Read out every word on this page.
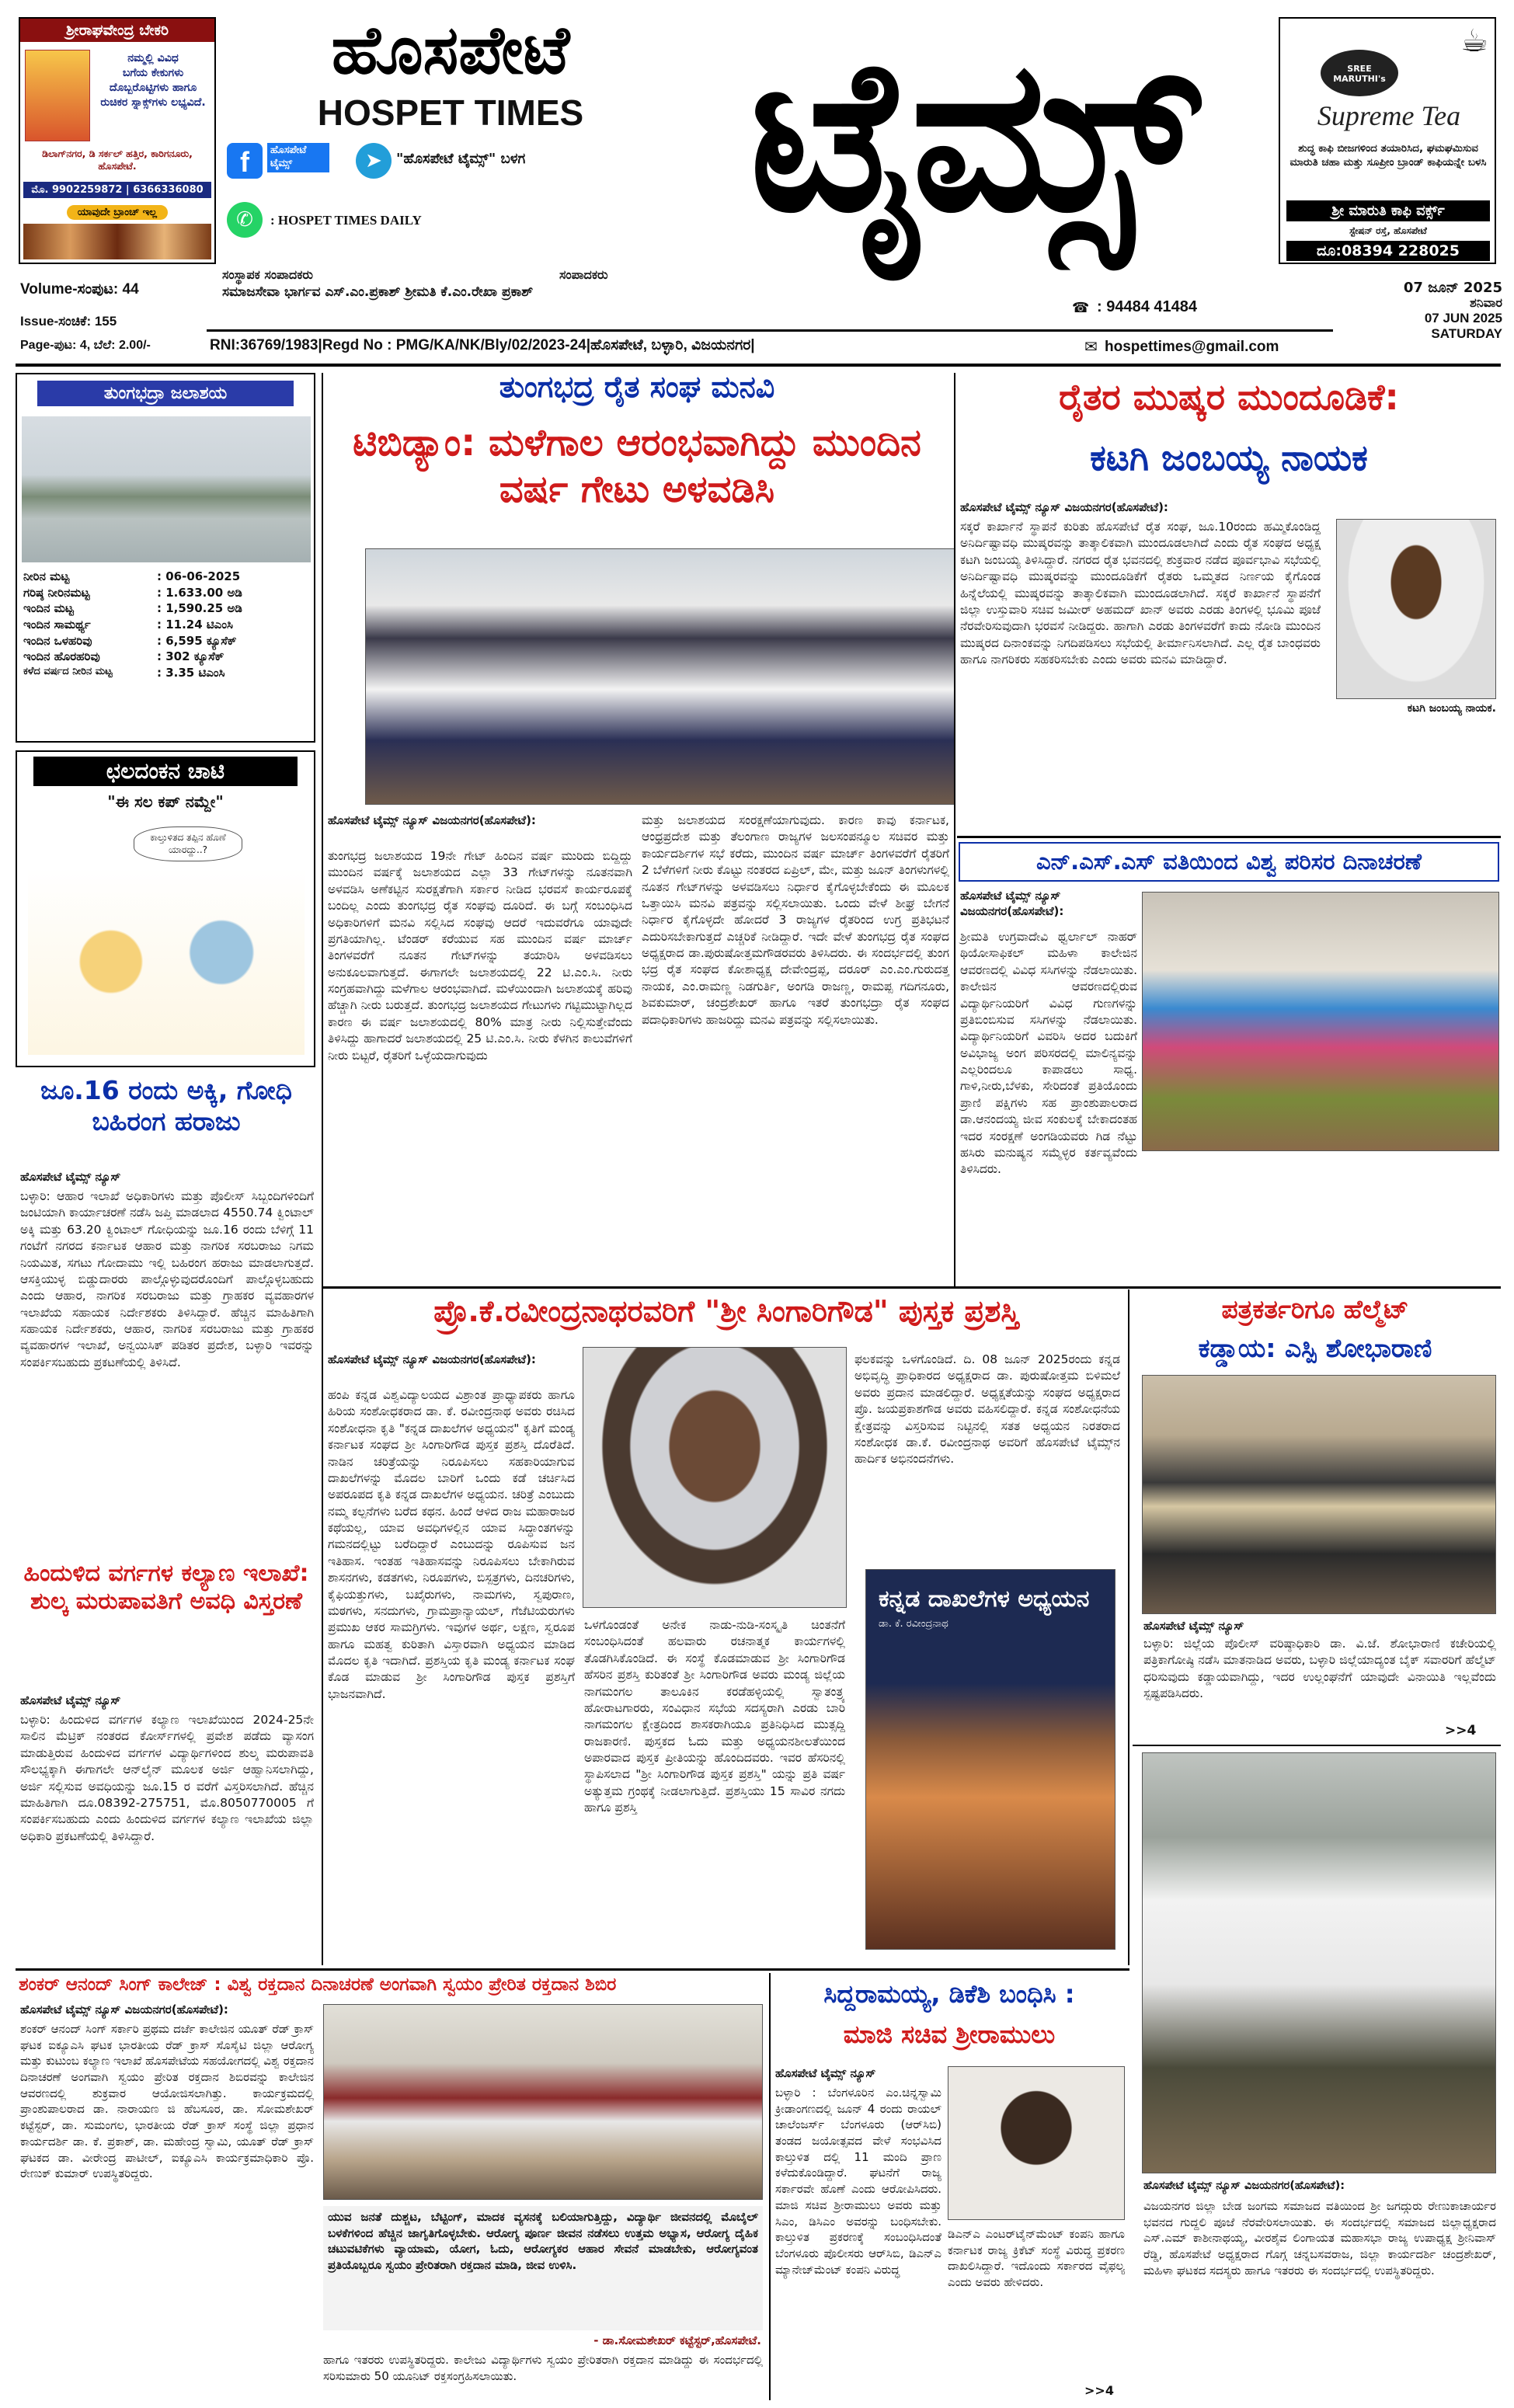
ಶ್ರೀರಾಘವೇಂದ್ರ ಬೇಕರಿ
ನಮ್ಮಲ್ಲಿ ವಿವಿಧ
ಬಗೆಯ ಕೇಕುಗಳು
ದೊಬ್ಬರೊಟ್ಟಿಗಳು ಹಾಗೂ
ರುಚಿಕರ ಸ್ನಾಕ್ಸ್‌ಗಳು ಲಭ್ಯವಿದೆ.
ಡಿಲಾಗ್‌ನಗರ, ಡಿ ಸರ್ಕಲ್ ಹತ್ತಿರ, ಕಾರಿಗನೂರು, ಹೊಸಪೇಟೆ.
ಮೊ. 9902259872 | 6366336080
ಯಾವುದೇ ಬ್ರಾಂಚ್ ಇಲ್ಲ
ಹೊಸಪೇಟೆ
HOSPET TIMES
f	ಹೊಸಪೇಟೆ ಟೈಮ್ಸ್	➤	"ಹೊಸಪೇಟೆ ಟೈಮ್ಸ್" ಬಳಗ
✆	: HOSPET TIMES DAILY	ಟೈಮ್ಸ್	☕
SREE MARUTHI's
Supreme Tea
ಶುದ್ಧ ಕಾಫಿ ಬೀಜಗಳಿಂದ ತಯಾರಿಸಿದ, ಘಮಘಮಿಸುವ ಮಾರುತಿ ಚಹಾ ಮತ್ತು ಸೂಪ್ರೀಂ ಬ್ರಾಂಡ್ ಕಾಫಿಯನ್ನೇ ಬಳಸಿ
ಶ್ರೀ ಮಾರುತಿ ಕಾಫಿ ವರ್ಕ್ಸ್
ಸ್ಟೇಷನ್ ರಸ್ತೆ, ಹೊಸಪೇಟೆ
ದೂ:08394 228025
ಸಂಸ್ಥಾಪಕ ಸಂಪಾದಕರು	ಸಂಪಾದಕರು
ಸಮಾಜಸೇವಾ ಭಾರ್ಗವ ಎಸ್.ಎಂ.ಪ್ರಕಾಶ್ ಶ್ರೀಮತಿ ಕೆ.ಎಂ.ರೇಖಾ ಪ್ರಕಾಶ್
Volume-ಸಂಪುಟ: 44
Issue-ಸಂಚಿಕೆ: 155
Page-ಪುಟ: 4, ಬೆಲೆ: 2.00/-
☎ : 94484 41484
07 ಜೂನ್ 2025
ಶನಿವಾರ
07 JUN 2025
SATURDAY
RNI:36769/1983|Regd No : PMG/KA/NK/Bly/02/2023-24|ಹೊಸಪೇಟೆ, ಬಳ್ಳಾರಿ, ವಿಜಯನಗರ|	✉ hospettimes@gmail.com
ತುಂಗಭದ್ರಾ ಜಲಾಶಯ
ನೀರಿನ ಮಟ್ಟ	: 06-06-2025
ಗರಿಷ್ಠ ನೀರಿನಮಟ್ಟ	: 1.633.00 ಅಡಿ
ಇಂದಿನ ಮಟ್ಟ	: 1,590.25 ಅಡಿ
ಇಂದಿನ ಸಾಮರ್ಥ್ಯ	: 11.24 ಟಿಎಂಸಿ
ಇಂದಿನ ಒಳಹರಿವು	: 6,595 ಕ್ಯೂಸೆಕ್
ಇಂದಿನ ಹೊರಹರಿವು	: 302 ಕ್ಯೂಸೆಕ್
ಕಳೆದ ವರ್ಷದ ನೀರಿನ ಮಟ್ಟ	: 3.35 ಟಿಎಂಸಿ
ಛಲದಂಕನ ಚಾಟಿ
"ಈ ಸಲ ಕಪ್ ನಮ್ದೇ"
ಕಾಲ್ತುಳಿತದ ತಪ್ಪಿನ ಹೊಣೆ ಯಾರದ್ದು..?
ಜೂ.16 ರಂದು ಅಕ್ಕಿ, ಗೋಧಿ ಬಹಿರಂಗ ಹರಾಜು
ಹೊಸಪೇಟೆ ಟೈಮ್ಸ್ ನ್ಯೂಸ್
ಬಳ್ಳಾರಿ: ಆಹಾರ ಇಲಾಖೆ ಅಧಿಕಾರಿಗಳು ಮತ್ತು ಪೊಲೀಸ್ ಸಿಬ್ಬಂದಿಗಳಿಂದಿಗೆ ಜಂಟಿಯಾಗಿ ಕಾರ್ಯಾಚರಣೆ ನಡೆಸಿ ಜಪ್ತಿ ಮಾಡಲಾದ 4550.74 ಕ್ವಿಂಟಾಲ್ ಅಕ್ಕಿ ಮತ್ತು 63.20 ಕ್ವಿಂಟಾಲ್ ಗೋಧಿಯನ್ನು ಜೂ.16 ರಂದು ಬೆಳಿಗ್ಗೆ 11 ಗಂಟೆಗೆ ನಗರದ ಕರ್ನಾಟಕ ಆಹಾರ ಮತ್ತು ನಾಗರಿಕ ಸರಬರಾಜು ನಿಗಮ ನಿಯಮಿತ, ಸಗಟು ಗೋದಾಮು ಇಲ್ಲಿ ಬಹಿರಂಗ ಹರಾಜು ಮಾಡಲಾಗುತ್ತದೆ. ಆಸಕ್ತಿಯುಳ್ಳ ಬಿಡ್ಡುದಾರರು ಪಾಲ್ಗೊಳ್ಳುವುದರೊಂದಿಗೆ ಪಾಲ್ಗೊಳ್ಳಬಹುದು ಎಂದು ಆಹಾರ, ನಾಗರಿಕ ಸರಬರಾಜು ಮತ್ತು ಗ್ರಾಹಕರ ವ್ಯವಹಾರಗಳ ಇಲಾಖೆಯ ಸಹಾಯಕ ನಿರ್ದೇಶಕರು ತಿಳಿಸಿದ್ದಾರೆ. ಹೆಚ್ಚಿನ ಮಾಹಿತಿಗಾಗಿ ಸಹಾಯಕ ನಿರ್ದೇಶಕರು, ಆಹಾರ, ನಾಗರಿಕ ಸರಬರಾಜು ಮತ್ತು ಗ್ರಾಹಕರ ವ್ಯವಹಾರಗಳ ಇಲಾಖೆ, ಅನ್ವಯಿಸಿಕ್ ಪಡಿತರ ಪ್ರದೇಶ, ಬಳ್ಳಾರಿ ಇವರನ್ನು ಸಂಪರ್ಕಿಸಬಹುದು ಪ್ರಕಟಣೆಯಲ್ಲಿ ತಿಳಿಸಿದೆ.
ಹಿಂದುಳಿದ ವರ್ಗಗಳ ಕಲ್ಯಾಣ ಇಲಾಖೆ: ಶುಲ್ಕ ಮರುಪಾವತಿಗೆ ಅವಧಿ ವಿಸ್ತರಣೆ
ಹೊಸಪೇಟೆ ಟೈಮ್ಸ್ ನ್ಯೂಸ್
ಬಳ್ಳಾರಿ: ಹಿಂದುಳಿದ ವರ್ಗಗಳ ಕಲ್ಯಾಣ ಇಲಾಖೆಯಿಂದ 2024-25ನೇ ಸಾಲಿನ ಮೆಟ್ರಿಕ್ ನಂತರದ ಕೋರ್ಸ್‌ಗಳಲ್ಲಿ ಪ್ರವೇಶ ಪಡೆದು ವ್ಯಾಸಂಗ ಮಾಡುತ್ತಿರುವ ಹಿಂದುಳಿದ ವರ್ಗಗಳ ವಿದ್ಯಾರ್ಥಿಗಳಿಂದ ಶುಲ್ಕ ಮರುಪಾವತಿ ಸೌಲಭ್ಯಕ್ಕಾಗಿ ಈಗಾಗಲೇ ಆನ್‌ಲೈನ್ ಮೂಲಕ ಅರ್ಜಿ ಆಹ್ವಾನಿಸಲಾಗಿದ್ದು, ಅರ್ಜಿ ಸಲ್ಲಿಸುವ ಅವಧಿಯನ್ನು ಜೂ.15 ರ ವರೆಗೆ ವಿಸ್ತರಿಸಲಾಗಿದೆ. ಹೆಚ್ಚಿನ ಮಾಹಿತಿಗಾಗಿ ದೂ.08392-275751, ಮೊ.8050770005 ಗೆ ಸಂಪರ್ಕಿಸಬಹುದು ಎಂದು ಹಿಂದುಳಿದ ವರ್ಗಗಳ ಕಲ್ಯಾಣ ಇಲಾಖೆಯ ಜಿಲ್ಲಾ ಅಧಿಕಾರಿ ಪ್ರಕಟಣೆಯಲ್ಲಿ ತಿಳಿಸಿದ್ದಾರೆ.
ತುಂಗಭದ್ರ ರೈತ ಸಂಘ ಮನವಿ
ಟಿಬಿಡ್ಯಾಂ: ಮಳೆಗಾಲ ಆರಂಭವಾಗಿದ್ದು ಮುಂದಿನ ವರ್ಷ ಗೇಟು ಅಳವಡಿಸಿ
ಹೊಸಪೇಟೆ ಟೈಮ್ಸ್ ನ್ಯೂಸ್ ವಿಜಯನಗರ(ಹೊಸಪೇಟೆ):
ತುಂಗಭದ್ರ ಜಲಾಶಯದ 19ನೇ ಗೇಟ್ ಹಿಂದಿನ ವರ್ಷ ಮುರಿದು ಬಿದ್ದಿದ್ದು ಮುಂದಿನ ವರ್ಷಕ್ಕೆ ಜಲಾಶಯದ ಎಲ್ಲಾ 33 ಗೇಟ್‌ಗಳನ್ನು ನೂತನವಾಗಿ ಅಳವಡಿಸಿ ಅಣೆಕಟ್ಟಿನ ಸುರಕ್ಷತೆಗಾಗಿ ಸರ್ಕಾರ ನೀಡಿದ ಭರವಸೆ ಕಾರ್ಯರೂಪಕ್ಕೆ ಬಂದಿಲ್ಲ ಎಂದು ತುಂಗಭದ್ರ ರೈತ ಸಂಘವು ದೂರಿದೆ. ಈ ಬಗ್ಗೆ ಸಂಬಂಧಿಸಿದ ಅಧಿಕಾರಿಗಳಿಗೆ ಮನವಿ ಸಲ್ಲಿಸಿದ ಸಂಘವು ಆದರೆ ಇದುವರೆಗೂ ಯಾವುದೇ ಪ್ರಗತಿಯಾಗಿಲ್ಲ. ಟೆಂಡರ್ ಕರೆಯುವ ಸಹ ಮುಂದಿನ ವರ್ಷ ಮಾರ್ಚ್ ತಿಂಗಳವರೆಗೆ ನೂತನ ಗೇಟ್‌ಗಳನ್ನು ತಯಾರಿಸಿ ಅಳವಡಿಸಲು ಅನುಕೂಲವಾಗುತ್ತದೆ. ಈಗಾಗಲೇ ಜಲಾಶಯದಲ್ಲಿ 22 ಟಿ.ಎಂ.ಸಿ. ನೀರು ಸಂಗ್ರಹವಾಗಿದ್ದು ಮಳೆಗಾಲ ಆರಂಭವಾಗಿದೆ. ಮಳೆಯಿಂದಾಗಿ ಜಲಾಶಯಕ್ಕೆ ಹರಿವು ಹೆಚ್ಚಾಗಿ ನೀರು ಬರುತ್ತದೆ. ತುಂಗಭದ್ರ ಜಲಾಶಯದ ಗೇಟುಗಳು ಗಟ್ಟಿಮುಟ್ಟಾಗಿಲ್ಲದ ಕಾರಣ ಈ ವರ್ಷ ಜಲಾಶಯದಲ್ಲಿ 80% ಮಾತ್ರ ನೀರು ನಿಲ್ಲಿಸುತ್ತೇವೆಂದು ತಿಳಿಸಿದ್ದು ಹಾಗಾದರೆ ಜಲಾಶಯದಲ್ಲಿ 25 ಟಿ.ಎಂ.ಸಿ. ನೀರು ಕೆಳಗಿನ ಕಾಲುವೆಗಳಿಗೆ ನೀರು ಬಿಟ್ಟರೆ, ರೈತರಿಗೆ ಒಳ್ಳೆಯದಾಗುವುದು
ಮತ್ತು ಜಲಾಶಯದ ಸಂರಕ್ಷಣೆಯಾಗುವುದು. ಕಾರಣ ಕಾವು ಕರ್ನಾಟಕ, ಆಂಧ್ರಪ್ರದೇಶ ಮತ್ತು ತೆಲಂಗಾಣ ರಾಜ್ಯಗಳ ಜಲಸಂಪನ್ಮೂಲ ಸಚಿವರ ಮತ್ತು ಕಾರ್ಯದರ್ಶಿಗಳ ಸಭೆ ಕರೆದು, ಮುಂದಿನ ವರ್ಷ ಮಾರ್ಚ್ ತಿಂಗಳವರೆಗೆ ರೈತರಿಗೆ 2 ಬೆಳೆಗಳಿಗೆ ನೀರು ಕೊಟ್ಟು ನಂತರದ ಏಪ್ರಿಲ್, ಮೇ, ಮತ್ತು ಜೂನ್ ತಿಂಗಳುಗಳಲ್ಲಿ ನೂತನ ಗೇಟ್‌ಗಳನ್ನು ಅಳವಡಿಸಲು ನಿರ್ಧಾರ ಕೈಗೊಳ್ಳಬೇಕೆಂದು ಈ ಮೂಲಕ ಒತ್ತಾಯಿಸಿ ಮನವಿ ಪತ್ರವನ್ನು ಸಲ್ಲಿಸಲಾಯಿತು. ಒಂದು ವೇಳೆ ಶೀಘ್ರ ಬೇಗನೆ ನಿರ್ಧಾರ ಕೈಗೊಳ್ಳದೇ ಹೋದರೆ 3 ರಾಜ್ಯಗಳ ರೈತರಿಂದ ಉಗ್ರ ಪ್ರತಿಭಟನೆ ಎದುರಿಸಬೇಕಾಗುತ್ತದೆ ಎಚ್ಚರಿಕೆ ನೀಡಿದ್ದಾರೆ. ಇದೇ ವೇಳೆ ತುಂಗಭದ್ರ ರೈತ ಸಂಘದ ಅಧ್ಯಕ್ಷರಾದ ಡಾ.ಪುರುಷೋತ್ತಮಗೌಡರವರು ತಿಳಿಸಿದರು. ಈ ಸಂದರ್ಭದಲ್ಲಿ ತುಂಗ ಭದ್ರ ರೈತ ಸಂಘದ ಕೋಶಾಧ್ಯಕ್ಷ ದೇವೇಂದ್ರಪ್ಪ, ದರೂರ್ ಎಂ.ಎಂ.ಗುರುದತ್ತ ನಾಯಕ, ಎಂ.ರಾಮಣ್ಣ ನಿಡಗುರ್ತಿ, ಅಂಗಡಿ ರಾಜಣ್ಣ, ರಾಮಪ್ಪ ಗದಿಗನೂರು, ಶಿವಕುಮಾರ್, ಚಂದ್ರಶೇಖರ್ ಹಾಗೂ ಇತರೆ ತುಂಗಭದ್ರಾ ರೈತ ಸಂಘದ ಪದಾಧಿಕಾರಿಗಳು ಹಾಜರಿದ್ದು ಮನವಿ ಪತ್ರವನ್ನು ಸಲ್ಲಿಸಲಾಯಿತು.
ರೈತರ ಮುಷ್ಕರ ಮುಂದೂಡಿಕೆ:
ಕಟಗಿ ಜಂಬಯ್ಯ ನಾಯಕ
ಹೊಸಪೇಟೆ ಟೈಮ್ಸ್ ನ್ಯೂಸ್ ವಿಜಯನಗರ(ಹೊಸಪೇಟೆ):
ಸಕ್ಕರೆ ಕಾರ್ಖಾನೆ ಸ್ಥಾಪನೆ ಕುರಿತು ಹೊಸಪೇಟೆ ರೈತ ಸಂಘ, ಜೂ.10ರಂದು ಹಮ್ಮಿಕೊಂಡಿದ್ದ ಅನಿರ್ದಿಷ್ಟಾವಧಿ ಮುಷ್ಕರವನ್ನು ತಾತ್ಕಾಲಿಕವಾಗಿ ಮುಂದೂಡಲಾಗಿದೆ ಎಂದು ರೈತ ಸಂಘದ ಅಧ್ಯಕ್ಷ ಕಟಗಿ ಜಂಬಯ್ಯ ತಿಳಿಸಿದ್ದಾರೆ. ನಗರದ ರೈತ ಭವನದಲ್ಲಿ ಶುಕ್ರವಾರ ನಡೆದ ಪೂರ್ವಭಾವಿ ಸಭೆಯಲ್ಲಿ ಅನಿರ್ದಿಷ್ಟಾವಧಿ ಮುಷ್ಕರವನ್ನು ಮುಂದೂಡಿಕೆಗೆ ರೈತರು ಒಮ್ಮತದ ನಿರ್ಣಯ ಕೈಗೊಂಡ ಹಿನ್ನೆಲೆಯಲ್ಲಿ ಮುಷ್ಕರವನ್ನು ತಾತ್ಕಾಲಿಕವಾಗಿ ಮುಂದೂಡಲಾಗಿದೆ. ಸಕ್ಕರೆ ಕಾರ್ಖಾನೆ ಸ್ಥಾಪನೆಗೆ ಜಿಲ್ಲಾ ಉಸ್ತುವಾರಿ ಸಚಿವ ಜಮೀರ್ ಅಹಮದ್ ಖಾನ್ ಅವರು ಎರಡು ತಿಂಗಳಲ್ಲಿ ಭೂಮಿ ಪೂಜೆ ನೆರವೇರಿಸುವುದಾಗಿ ಭರವಸೆ ನೀಡಿದ್ದರು. ಹಾಗಾಗಿ ಎರಡು ತಿಂಗಳವರೆಗೆ ಕಾದು ನೋಡಿ ಮುಂದಿನ ಮುಷ್ಕರದ ದಿನಾಂಕವನ್ನು ನಿಗದಿಪಡಿಸಲು ಸಭೆಯಲ್ಲಿ ತೀರ್ಮಾನಿಸಲಾಗಿದೆ. ಎಲ್ಲ ರೈತ ಬಾಂಧವರು ಹಾಗೂ ನಾಗರಿಕರು ಸಹಕರಿಸಬೇಕು ಎಂದು ಅವರು ಮನವಿ ಮಾಡಿದ್ದಾರೆ.
ಕಟಗಿ ಜಂಬಯ್ಯ ನಾಯಕ.
ಎನ್.ಎಸ್.ಎಸ್ ವತಿಯಿಂದ ವಿಶ್ವ ಪರಿಸರ ದಿನಾಚರಣೆ
ಹೊಸಪೇಟೆ ಟೈಮ್ಸ್ ನ್ಯೂಸ್ ವಿಜಯನಗರ(ಹೊಸಪೇಟೆ):
ಶ್ರೀಮತಿ ಉಗ್ರವಾದೇವಿ ಥ್ವರ್ಲಾಲ್ ನಾಹರ್ ಥಿಯೋಸಾಫಿಕಲ್ ಮಹಿಳಾ ಕಾಲೇಜಿನ ಆವರಣದಲ್ಲಿ ವಿವಿಧ ಸಸಿಗಳನ್ನು ನೆಡಲಾಯಿತು. ಕಾಲೇಜಿನ ಆವರಣದಲ್ಲಿರುವ ವಿದ್ಯಾರ್ಥಿನಿಯರಿಗೆ ವಿವಿಧ ಗುಣಗಳನ್ನು ಪ್ರತಿಬಿಂಬಿಸುವ ಸಸಿಗಳನ್ನು ನೆಡಲಾಯಿತು. ವಿದ್ಯಾರ್ಥಿನಿಯರಿಗೆ ವಿವರಿಸಿ ಅದರ ಬದುಕಿಗೆ ಅವಿಭಾಜ್ಯ ಅಂಗ ಪರಿಸರದಲ್ಲಿ ಮಾಲಿನ್ಯವನ್ನು ಎಲ್ಲರಿಂದಲೂ ಕಾಪಾಡಲು ಸಾಧ್ಯ. ಗಾಳಿ,ನೀರು,ಬೆಳಕು, ಸೇರಿದಂತೆ ಪ್ರತಿಯೊಂದು ಪ್ರಾಣಿ ಪಕ್ಷಿಗಳು ಸಹ ಪ್ರಾಂಶುಪಾಲರಾದ ಡಾ.ಆನಂದಯ್ಯ ಜೀವ ಸಂಕುಲಕ್ಕೆ ಬೇಕಾದಂತಹ ಇದರ ಸಂರಕ್ಷಣೆ ಅಂಗಡಿಯವರು ಗಿಡ ನೆಟ್ಟು ಹಸಿರು ಮನುಷ್ಯನ ಸಮ್ಮೆಳ್ಳರ ಕರ್ತವ್ಯವೆಂದು ತಿಳಿಸಿದರು.
ಪ್ರೊ.ಕೆ.ರವೀಂದ್ರನಾಥರವರಿಗೆ "ಶ್ರೀ ಸಿಂಗಾರಿಗೌಡ" ಪುಸ್ತಕ ಪ್ರಶಸ್ತಿ
ಹೊಸಪೇಟೆ ಟೈಮ್ಸ್ ನ್ಯೂಸ್ ವಿಜಯನಗರ(ಹೊಸಪೇಟೆ):
ಹಂಪಿ ಕನ್ನಡ ವಿಶ್ವವಿದ್ಯಾಲಯದ ವಿಶ್ರಾಂತ ಪ್ರಾಧ್ಯಾಪಕರು ಹಾಗೂ ಹಿರಿಯ ಸಂಶೋಧಕರಾದ ಡಾ. ಕೆ. ರವೀಂದ್ರನಾಥ ಅವರು ರಚಿಸಿದ ಸಂಶೋಧನಾ ಕೃತಿ "ಕನ್ನಡ ದಾಖಲೆಗಳ ಅಧ್ಯಯನ" ಕೃತಿಗೆ ಮಂಡ್ಯ ಕರ್ನಾಟಕ ಸಂಘದ ಶ್ರೀ ಸಿಂಗಾರಿಗೌಡ ಪುಸ್ತಕ ಪ್ರಶಸ್ತಿ ದೊರೆತಿದೆ. ನಾಡಿನ ಚರಿತ್ರೆಯನ್ನು ನಿರೂಪಿಸಲು ಸಹಕಾರಿಯಾಗುವ ದಾಖಲೆಗಳನ್ನು ಮೊದಲ ಬಾರಿಗೆ ಒಂದು ಕಡೆ ಚರ್ಚಿಸಿದ ಅಪರೂಪದ ಕೃತಿ ಕನ್ನಡ ದಾಖಲೆಗಳ ಅಧ್ಯಯನ. ಚರಿತ್ರೆ ಎಂಬುದು ನಮ್ಮ ಕಲ್ಪನೆಗಳು ಬರೆದ ಕಥನ. ಹಿಂದೆ ಆಳಿದ ರಾಜ ಮಹಾರಾಜರ ಕಥೆಯಲ್ಲ, ಯಾವ ಅವಧಿಗಳಲ್ಲಿನ ಯಾವ ಸಿದ್ಧಾಂತಗಳನ್ನು ಗಮನದಲ್ಲಿಟ್ಟು ಬರೆದಿದ್ದಾರೆ ಎಂಬುದನ್ನು ರೂಪಿಸುವ ಜನ ಇತಿಹಾಸ. ಇಂತಹ ಇತಿಹಾಸವನ್ನು ನಿರೂಪಿಸಲು ಬೇಕಾಗಿರುವ ಶಾಸನಗಳು, ಕಡತಗಳು, ನಿರೂಪಗಳು, ಬಿಸ್ಪತ್ರಗಳು, ದಿನಚರಿಗಳು, ಕೈಫಿಯತ್ತುಗಳು, ಬಖೈರುಗಳು, ನಾಮಗಳು, ಸ್ವಪುರಾಣ, ಮಠಗಳು, ಸನದುಗಳು, ಗ್ರಾಮಪ್ರಾನ್ಯಾಯಲ್, ಗೆಜೆಟಿಯರುಗಳು ಪ್ರಮುಖ ಆಕರ ಸಾಮಗ್ರಿಗಳು. ಇವುಗಳ ಅರ್ಥ, ಲಕ್ಷಣ, ಸ್ವರೂಪ ಹಾಗೂ ಮಹತ್ವ ಕುರಿತಾಗಿ ವಿಸ್ತಾರವಾಗಿ ಅಧ್ಯಯನ ಮಾಡಿದ ಮೊದಲ ಕೃತಿ ಇದಾಗಿದೆ. ಪ್ರಶಸ್ತಿಯ ಕೃತಿ ಮಂಡ್ಯ ಕರ್ನಾಟಕ ಸಂಘ ಕೊಡ ಮಾಡುವ ಶ್ರೀ ಸಿಂಗಾರಿಗೌಡ ಪುಸ್ತಕ ಪ್ರಶಸ್ತಿಗೆ ಭಾಜನವಾಗಿದೆ.
ಒಳಗೊಂಡಂತೆ ಅನೇಕ ನಾಡು-ನುಡಿ-ಸಂಸ್ಕೃತಿ ಚಿಂತನೆಗೆ ಸಂಬಂಧಿಸಿದಂತೆ ಹಲವಾರು ರಚನಾತ್ಮಕ ಕಾರ್ಯಗಳಲ್ಲಿ ತೊಡಗಿಸಿಕೊಂಡಿದೆ. ಈ ಸಂಸ್ಥೆ ಕೊಡಮಾಡುವ ಶ್ರೀ ಸಿಂಗಾರಿಗೌಡ ಹೆಸರಿನ ಪ್ರಶಸ್ತಿ ಕುರಿತಂತೆ ಶ್ರೀ ಸಿಂಗಾರಿಗೌಡ ಅವರು ಮಂಡ್ಯ ಜಿಲ್ಲೆಯ ನಾಗಮಂಗಲ ತಾಲೂಕಿನ ಕರಡೆಹಳ್ಳಿಯಲ್ಲಿ ಸ್ವಾತಂತ್ರ್ಯ ಹೋರಾಟಗಾರರು, ಸಂವಿಧಾನ ಸಭೆಯ ಸದಸ್ಯರಾಗಿ ಎರಡು ಬಾರಿ ನಾಗಮಂಗಲ ಕ್ಷೇತ್ರದಿಂದ ಶಾಸಕರಾಗಿಯೂ ಪ್ರತಿನಿಧಿಸಿದ ಮುತ್ಸದ್ದಿ ರಾಜಕಾರಣಿ. ಪುಸ್ತಕದ ಓದು ಮತ್ತು ಅಧ್ಯಯನಶೀಲತೆಯಿಂದ ಅಪಾರವಾದ ಪುಸ್ತಕ ಪ್ರೀತಿಯನ್ನು ಹೊಂದಿದವರು. ಇವರ ಹೆಸರಿನಲ್ಲಿ ಸ್ಥಾಪಿಸಲಾದ "ಶ್ರೀ ಸಿಂಗಾರಿಗೌಡ ಪುಸ್ತಕ ಪ್ರಶಸ್ತಿ" ಯನ್ನು ಪ್ರತಿ ವರ್ಷ ಅತ್ಯುತ್ತಮ ಗ್ರಂಥಕ್ಕೆ ನೀಡಲಾಗುತ್ತಿದೆ. ಪ್ರಶಸ್ತಿಯು 15 ಸಾವಿರ ನಗದು ಹಾಗೂ ಪ್ರಶಸ್ತಿ
ಫಲಕವನ್ನು ಒಳಗೊಂಡಿದೆ. ದಿ. 08 ಜೂನ್ 2025ರಂದು ಕನ್ನಡ ಅಭಿವೃದ್ಧಿ ಪ್ರಾಧಿಕಾರದ ಅಧ್ಯಕ್ಷರಾದ ಡಾ. ಪುರುಷೋತ್ತಮ ಬಿಳಿಮಲೆ ಅವರು ಪ್ರದಾನ ಮಾಡಲಿದ್ದಾರೆ. ಅಧ್ಯಕ್ಷತೆಯನ್ನು ಸಂಘದ ಅಧ್ಯಕ್ಷರಾದ ಪ್ರೊ. ಜಯಪ್ರಕಾಶಗೌಡ ಅವರು ವಹಿಸಲಿದ್ದಾರೆ. ಕನ್ನಡ ಸಂಶೋಧನೆಯ ಕ್ಷೇತ್ರವನ್ನು ವಿಸ್ತರಿಸುವ ನಿಟ್ಟಿನಲ್ಲಿ ಸತತ ಅಧ್ಯಯನ ನಿರತರಾದ ಸಂಶೋಧಕ ಡಾ.ಕೆ. ರವೀಂದ್ರನಾಥ ಅವರಿಗೆ ಹೊಸಪೇಟೆ ಟೈಮ್ಸ್‌ನ ಹಾರ್ದಿಕ ಅಭಿನಂದನೆಗಳು.
ಕನ್ನಡ ದಾಖಲೆಗಳ ಅಧ್ಯಯನ
ಡಾ. ಕೆ. ರವೀಂದ್ರನಾಥ
ಪತ್ರಕರ್ತರಿಗೂ ಹೆಲ್ಮೆಟ್
ಕಡ್ಡಾಯ: ಎಸ್ಪಿ ಶೋಭಾರಾಣಿ
ಹೊಸಪೇಟೆ ಟೈಮ್ಸ್ ನ್ಯೂಸ್
ಬಳ್ಳಾರಿ: ಜಿಲ್ಲೆಯ ಪೊಲೀಸ್ ವರಿಷ್ಠಾಧಿಕಾರಿ ಡಾ. ವಿ.ಜೆ. ಶೋಭಾರಾಣಿ ಕಚೇರಿಯಲ್ಲಿ ಪತ್ರಿಕಾಗೋಷ್ಠಿ ನಡೆಸಿ ಮಾತನಾಡಿದ ಅವರು, ಬಳ್ಳಾರಿ ಜಿಲ್ಲೆಯಾದ್ಯಂತ ಬೈಕ್ ಸವಾರರಿಗೆ ಹೆಲ್ಮೆಟ್ ಧರಿಸುವುದು ಕಡ್ಡಾಯವಾಗಿದ್ದು, ಇದರ ಉಲ್ಲಂಘನೆಗೆ ಯಾವುದೇ ವಿನಾಯಿತಿ ಇಲ್ಲವೆಂದು ಸ್ಪಷ್ಟಪಡಿಸಿದರು.
>>4
ಹೊಸಪೇಟೆ ಟೈಮ್ಸ್ ನ್ಯೂಸ್ ವಿಜಯನಗರ(ಹೊಸಪೇಟೆ):
ವಿಜಯನಗರ ಜಿಲ್ಲಾ ಬೇಡ ಜಂಗಮ ಸಮಾಜದ ವತಿಯಿಂದ ಶ್ರೀ ಜಗದ್ಗುರು ರೇಣುಕಾಚಾರ್ಯರ ಭವನದ ಗುದ್ದಲಿ ಪೂಜೆ ನೆರವೇರಿಸಲಾಯಿತು. ಈ ಸಂದರ್ಭದಲ್ಲಿ ಸಮಾಜದ ಜಿಲ್ಲಾಧ್ಯಕ್ಷರಾದ ಎಸ್.ಎಮ್ ಕಾಶೀನಾಥಯ್ಯ, ವೀರಶೈವ ಲಿಂಗಾಯತ ಮಹಾಸಭಾ ರಾಜ್ಯ ಉಪಾಧ್ಯಕ್ಷ ಶ್ರೀನಿವಾಸ್ ರೆಡ್ಡಿ, ಹೊಸಪೇಟೆ ಅಧ್ಯಕ್ಷರಾದ ಗೊಗ್ಗ ಚನ್ನಬಸವರಾಜ, ಜಿಲ್ಲಾ ಕಾರ್ಯದರ್ಶಿ ಚಂದ್ರಶೇಖರ್, ಮಹಿಳಾ ಘಟಕದ ಸದಸ್ಯರು ಹಾಗೂ ಇತರರು ಈ ಸಂದರ್ಭದಲ್ಲಿ ಉಪಸ್ಥಿತರಿದ್ದರು.
ಶಂಕರ್ ಆನಂದ್ ಸಿಂಗ್ ಕಾಲೇಜ್ : ವಿಶ್ವ ರಕ್ತದಾನ ದಿನಾಚರಣೆ ಅಂಗವಾಗಿ ಸ್ವಯಂ ಪ್ರೇರಿತ ರಕ್ತದಾನ ಶಿಬಿರ
ಹೊಸಪೇಟೆ ಟೈಮ್ಸ್ ನ್ಯೂಸ್ ವಿಜಯನಗರ(ಹೊಸಪೇಟೆ):
ಶಂಕರ್ ಆನಂದ್ ಸಿಂಗ್ ಸರ್ಕಾರಿ ಪ್ರಥಮ ದರ್ಜೆ ಕಾಲೇಜಿನ ಯೂತ್ ರೆಡ್ ಕ್ರಾಸ್ ಘಟಕ ಐಕ್ಯೂಎಸಿ ಘಟಕ ಭಾರತೀಯ ರೆಡ್ ಕ್ರಾಸ್ ಸೊಸೈಟಿ ಜಿಲ್ಲಾ ಆರೋಗ್ಯ ಮತ್ತು ಕುಟುಂಬ ಕಲ್ಯಾಣ ಇಲಾಖೆ ಹೊಸಪೇಟೆಯ ಸಹಯೋಗದಲ್ಲಿ ವಿಶ್ವ ರಕ್ತದಾನ ದಿನಾಚರಣೆ ಅಂಗವಾಗಿ ಸ್ವಯಂ ಪ್ರೇರಿತ ರಕ್ತದಾನ ಶಿಬಿರವನ್ನು ಕಾಲೇಜಿನ ಆವರಣದಲ್ಲಿ ಶುಕ್ರವಾರ ಆಯೋಜಿಸಲಾಗಿತ್ತು. ಕಾರ್ಯಕ್ರಮದಲ್ಲಿ ಪ್ರಾಂಶುಪಾಲರಾದ ಡಾ. ನಾರಾಯಣ ಜಿ ಹೆಬಸೂರ, ಡಾ. ಸೋಮಶೇಖರ್ ಕಟ್ಟೆಸ್ಟರ್, ಡಾ. ಸುಮಂಗಲ, ಭಾರತೀಯ ರೆಡ್ ಕ್ರಾಸ್ ಸಂಸ್ಥೆ ಜಿಲ್ಲಾ ಪ್ರಧಾನ ಕಾರ್ಯದರ್ಶಿ ಡಾ. ಕೆ. ಪ್ರಕಾಶ್, ಡಾ. ಮಹೇಂದ್ರ ಸ್ವಾಮಿ, ಯೂತ್ ರೆಡ್ ಕ್ರಾಸ್ ಘಟಕದ ಡಾ. ವೀರೇಂದ್ರ ಪಾಟೀಲ್, ಐಕ್ಯೂಎಸಿ ಕಾರ್ಯಕ್ರಮಾಧಿಕಾರಿ ಪ್ರೊ. ರೇಣುಕ್ ಕುಮಾರ್ ಉಪಸ್ಥಿತರಿದ್ದರು.
ಯುವ ಜನತೆ ದುಶ್ಚಟ, ಬೆಟ್ಟಿಂಗ್, ಮಾದಕ ವ್ಯಸನಕ್ಕೆ ಬಲಿಯಾಗುತ್ತಿದ್ದು, ವಿದ್ಯಾರ್ಥಿ ಜೀವನದಲ್ಲಿ ಮೊಬೈಲ್ ಬಳಕೆಗಳಿಂದ ಹೆಚ್ಚಿನ ಜಾಗೃತಿಗೊಳ್ಳಬೇಕು. ಆರೋಗ್ಯ ಪೂರ್ಣ ಜೀವನ ನಡೆಸಲು ಉತ್ತಮ ಅಭ್ಯಾಸ, ಆರೋಗ್ಯ ದೈಹಿಕ ಚಟುವಟಿಕೆಗಳು ವ್ಯಾಯಾಮ, ಯೋಗ, ಓದು, ಆರೋಗ್ಯಕರ ಆಹಾರ ಸೇವನೆ ಮಾಡಬೇಕು, ಆರೋಗ್ಯವಂತ ಪ್ರತಿಯೊಬ್ಬರೂ ಸ್ವಯಂ ಪ್ರೇರಿತರಾಗಿ ರಕ್ತದಾನ ಮಾಡಿ, ಜೀವ ಉಳಿಸಿ.
- ಡಾ.ಸೋಮಶೇಖರ್ ಕಟ್ಟೆಸ್ಟರ್,ಹೊಸಪೇಟೆ.
ಹಾಗೂ ಇತರರು ಉಪಸ್ಥಿತರಿದ್ದರು. ಕಾಲೇಜು ವಿದ್ಯಾರ್ಥಿಗಳು ಸ್ವಯಂ ಪ್ರೇರಿತರಾಗಿ ರಕ್ತದಾನ ಮಾಡಿದ್ದು ಈ ಸಂದರ್ಭದಲ್ಲಿ ಸರಿಸುಮಾರು 50 ಯೂನಿಟ್ ರಕ್ತಸಂಗ್ರಹಿಸಲಾಯಿತು.
ಸಿದ್ದರಾಮಯ್ಯ, ಡಿಕೆಶಿ ಬಂಧಿಸಿ :
ಮಾಜಿ ಸಚಿವ ಶ್ರೀರಾಮುಲು
ಹೊಸಪೇಟೆ ಟೈಮ್ಸ್ ನ್ಯೂಸ್
ಬಳ್ಳಾರಿ : ಬೆಂಗಳೂರಿನ ಎಂ.ಚಿನ್ನಸ್ವಾಮಿ ಕ್ರೀಡಾಂಗಣದಲ್ಲಿ ಜೂನ್ 4 ರಂದು ರಾಯಲ್ ಚಾಲೆಂಜರ್ಸ್ ಬೆಂಗಳೂರು (ಆರ್‌ಸಿಬಿ) ತಂಡದ ಜಯೋತ್ಸವದ ವೇಳೆ ಸಂಭವಿಸಿದ ಕಾಲ್ತುಳಿತ ದಲ್ಲಿ 11 ಮಂದಿ ಪ್ರಾಣ ಕಳೆದುಕೊಂಡಿದ್ದಾರೆ. ಘಟನೆಗೆ ರಾಜ್ಯ ಸರ್ಕಾರವೇ ಹೊಣೆ ಎಂದು ಆರೋಪಿಸಿದರು. ಮಾಜಿ ಸಚಿವ ಶ್ರೀರಾಮುಲು ಅವರು ಮತ್ತು ಸಿಎಂ, ಡಿಸಿಎಂ ಅವರನ್ನು ಬಂಧಿಸಬೇಕು. ಕಾಲ್ತುಳಿತ ಪ್ರಕರಣಕ್ಕೆ ಸಂಬಂಧಿಸಿದಂತೆ ಬೆಂಗಳೂರು ಪೊಲೀಸರು ಆರ್‌ಸಿಬಿ, ಡಿಎನ್‌ಎ ಮ್ಯಾನೇಜ್‌ಮೆಂಟ್ ಕಂಪನಿ ವಿರುದ್ಧ
ಡಿಎನ್‌ಎ ಎಂಟರ್‌ಟೈನ್‌ಮೆಂಟ್ ಕಂಪನಿ ಹಾಗೂ ಕರ್ನಾಟಕ ರಾಜ್ಯ ಕ್ರಿಕೆಟ್ ಸಂಸ್ಥೆ ವಿರುದ್ಧ ಪ್ರಕರಣ ದಾಖಲಿಸಿದ್ದಾರೆ. ಇದೊಂದು ಸರ್ಕಾರದ ವೈಫಲ್ಯ ಎಂದು ಅವರು ಹೇಳಿದರು.
>>4
